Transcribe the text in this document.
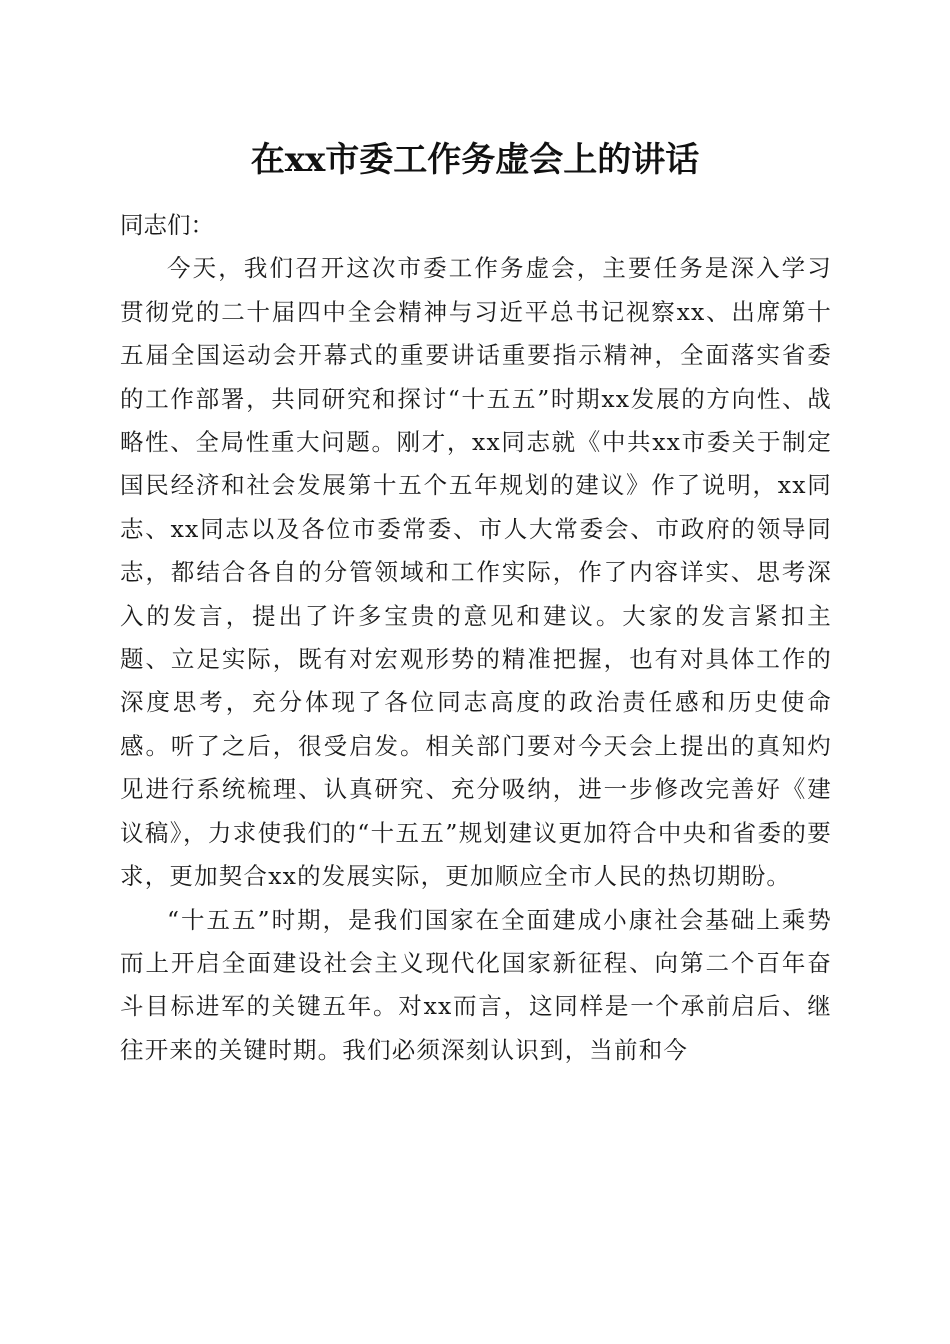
在xx市委工作务虚会上的讲话

同志们：

今天，我们召开这次市委工作务虚会，主要任务是深入学习贯彻党的二十届四中全会精神与习近平总书记视察xx、出席第十五届全国运动会开幕式的重要讲话重要指示精神，全面落实省委的工作部署，共同研究和探讨“十五五”时期xx发展的方向性、战略性、全局性重大问题。刚才，xx同志就《中共xx市委关于制定国民经济和社会发展第十五个五年规划的建议》作了说明，xx同志、xx同志以及各位市委常委、市人大常委会、市政府的领导同志，都结合各自的分管领域和工作实际，作了内容详实、思考深入的发言，提出了许多宝贵的意见和建议。大家的发言紧扣主题、立足实际，既有对宏观形势的精准把握，也有对具体工作的深度思考，充分体现了各位同志高度的政治责任感和历史使命感。听了之后，很受启发。相关部门要对今天会上提出的真知灼见进行系统梳理、认真研究、充分吸纳，进一步修改完善好《建议稿》，力求使我们的“十五五”规划建议更加符合中央和省委的要求，更加契合xx的发展实际，更加顺应全市人民的热切期盼。

“十五五”时期，是我们国家在全面建成小康社会基础上乘势而上开启全面建设社会主义现代化国家新征程、向第二个百年奋斗目标进军的关键五年。对xx而言，这同样是一个承前启后、继往开来的关键时期。我们必须深刻认识到，当前和今
